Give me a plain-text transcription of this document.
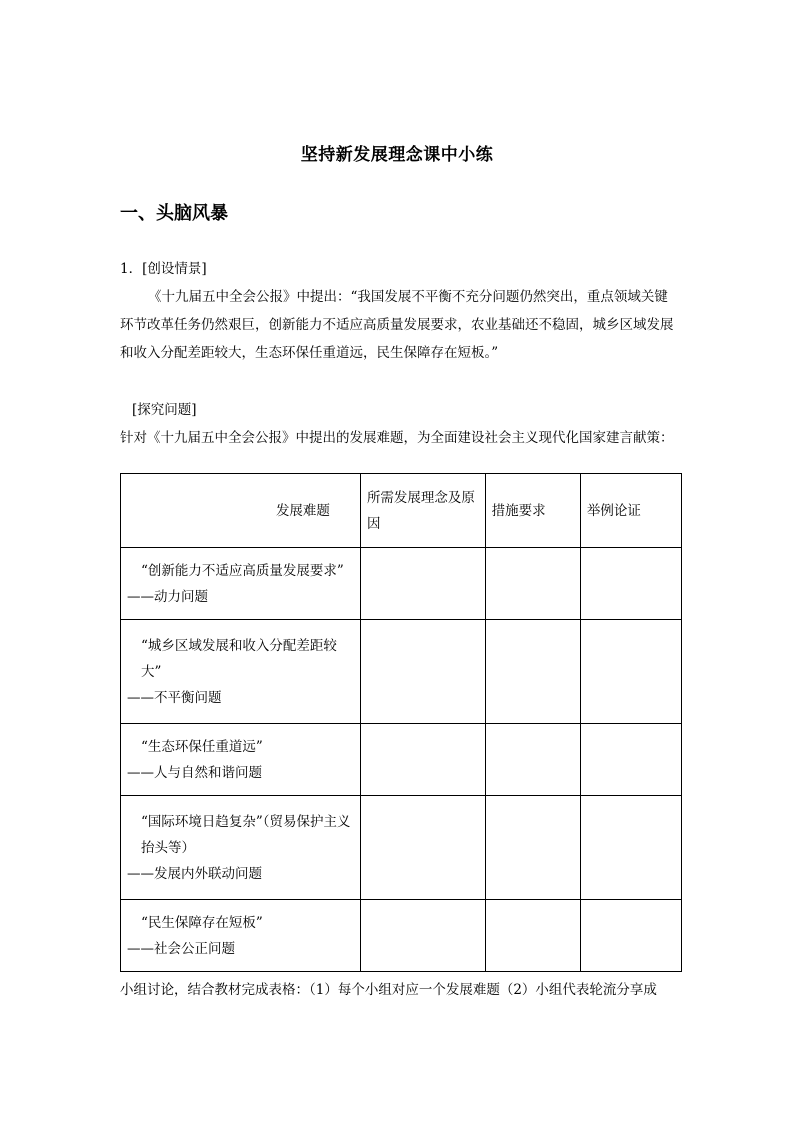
坚持新发展理念课中小练
一、头脑风暴
1．[创设情景]
《十九届五中全会公报》中提出：“我国发展不平衡不充分问题仍然突出，重点领域关键环节改革任务仍然艰巨，创新能力不适应高质量发展要求，农业基础还不稳固，城乡区域发展和收入分配差距较大，生态环保任重道远，民生保障存在短板。”
[探究问题]
针对《十九届五中全会公报》中提出的发展难题，为全面建设社会主义现代化国家建言献策：
发展难题	所需发展理念及原因	措施要求	举例论证

“创新能力不适应高质量发展要求”
——动力问题			

“城乡区域发展和收入分配差距较大”
——不平衡问题			

“生态环保任重道远”
——人与自然和谐问题			

“国际环境日趋复杂”（贸易保护主义抬头等）
——发展内外联动问题			

“民生保障存在短板”
——社会公正问题			

小组讨论，结合教材完成表格：（1）每个小组对应一个发展难题（2）小组代表轮流分享成
